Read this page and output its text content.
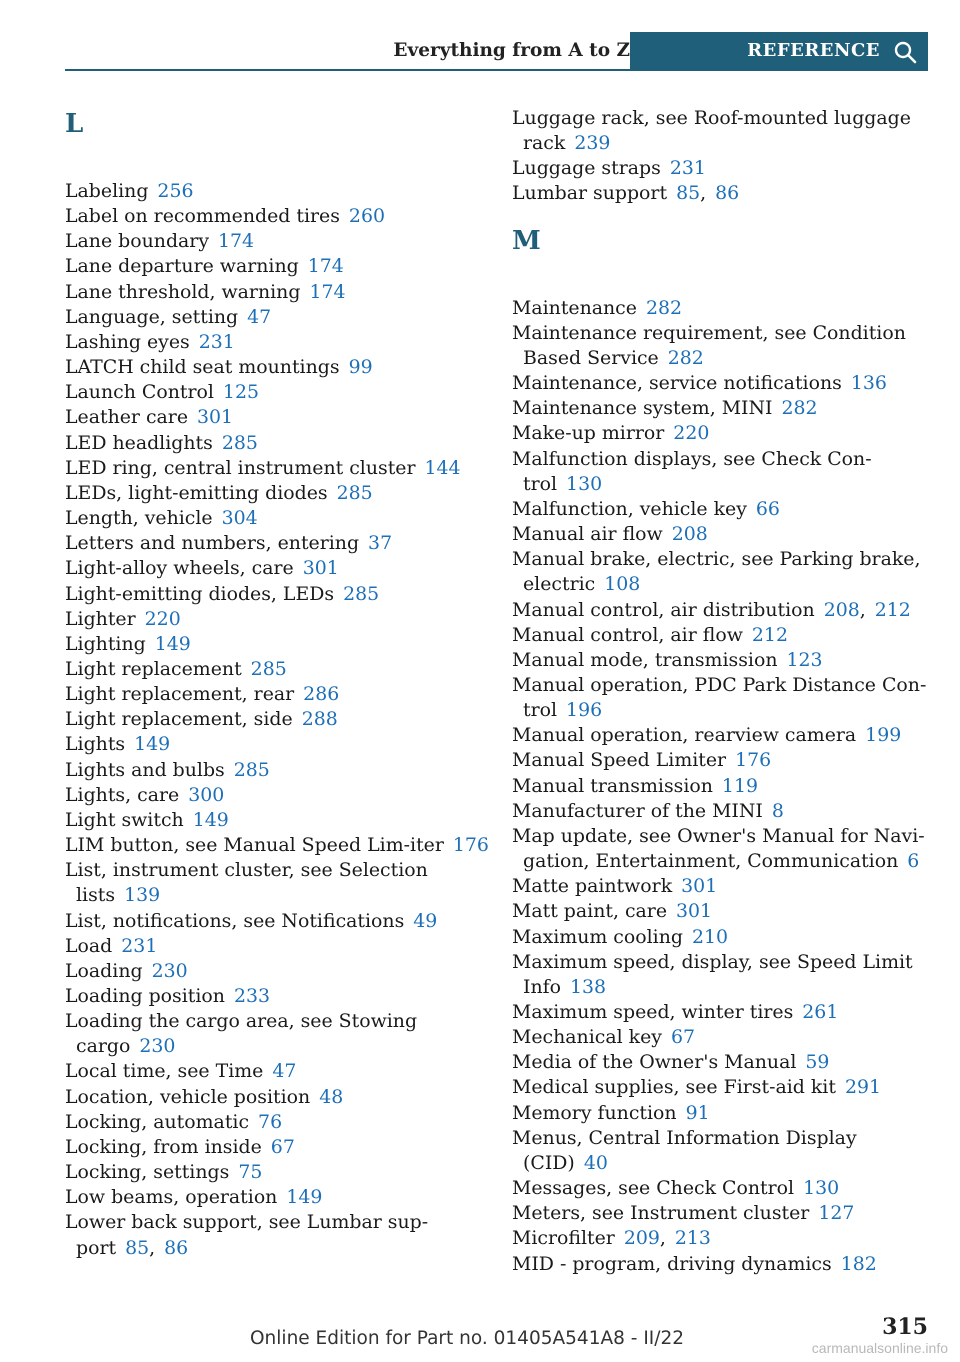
Everything from A to Z	REFERENCE
L
Labeling 256
Label on recommended tires 260
Lane boundary 174
Lane departure warning 174
Lane threshold, warning 174
Language, setting 47
Lashing eyes 231
LATCH child seat mountings 99
Launch Control 125
Leather care 301
LED headlights 285
LED ring, central instrument cluster 144
LEDs, light-emitting diodes 285
Length, vehicle 304
Letters and numbers, entering 37
Light-alloy wheels, care 301
Light-emitting diodes, LEDs 285
Lighter 220
Lighting 149
Light replacement 285
Light replacement, rear 286
Light replacement, side 288
Lights 149
Lights and bulbs 285
Lights, care 300
Light switch 149
LIM button, see Manual Speed Lim-iter 176
List, instrument cluster, see Selection lists 139
List, notifications, see Notifications 49
Load 231
Loading 230
Loading position 233
Loading the cargo area, see Stowing cargo 230
Local time, see Time 47
Location, vehicle position 48
Locking, automatic 76
Locking, from inside 67
Locking, settings 75
Low beams, operation 149
Lower back support, see Lumbar sup-port 85, 86
Luggage rack, see Roof-mounted luggage rack 239
Luggage straps 231
Lumbar support 85, 86
M
Maintenance 282
Maintenance requirement, see Condition Based Service 282
Maintenance, service notifications 136
Maintenance system, MINI 282
Make-up mirror 220
Malfunction displays, see Check Con-trol 130
Malfunction, vehicle key 66
Manual air flow 208
Manual brake, electric, see Parking brake, electric 108
Manual control, air distribution 208, 212
Manual control, air flow 212
Manual mode, transmission 123
Manual operation, PDC Park Distance Con-trol 196
Manual operation, rearview camera 199
Manual Speed Limiter 176
Manual transmission 119
Manufacturer of the MINI 8
Map update, see Owner's Manual for Navi-gation, Entertainment, Communication 6
Matte paintwork 301
Matt paint, care 301
Maximum cooling 210
Maximum speed, display, see Speed Limit Info 138
Maximum speed, winter tires 261
Mechanical key 67
Media of the Owner's Manual 59
Medical supplies, see First-aid kit 291
Memory function 91
Menus, Central Information Display (CID) 40
Messages, see Check Control 130
Meters, see Instrument cluster 127
Microfilter 209, 213
MID - program, driving dynamics 182
315
Online Edition for Part no. 01405A541A8 - II/22	carmanualsonline.info
